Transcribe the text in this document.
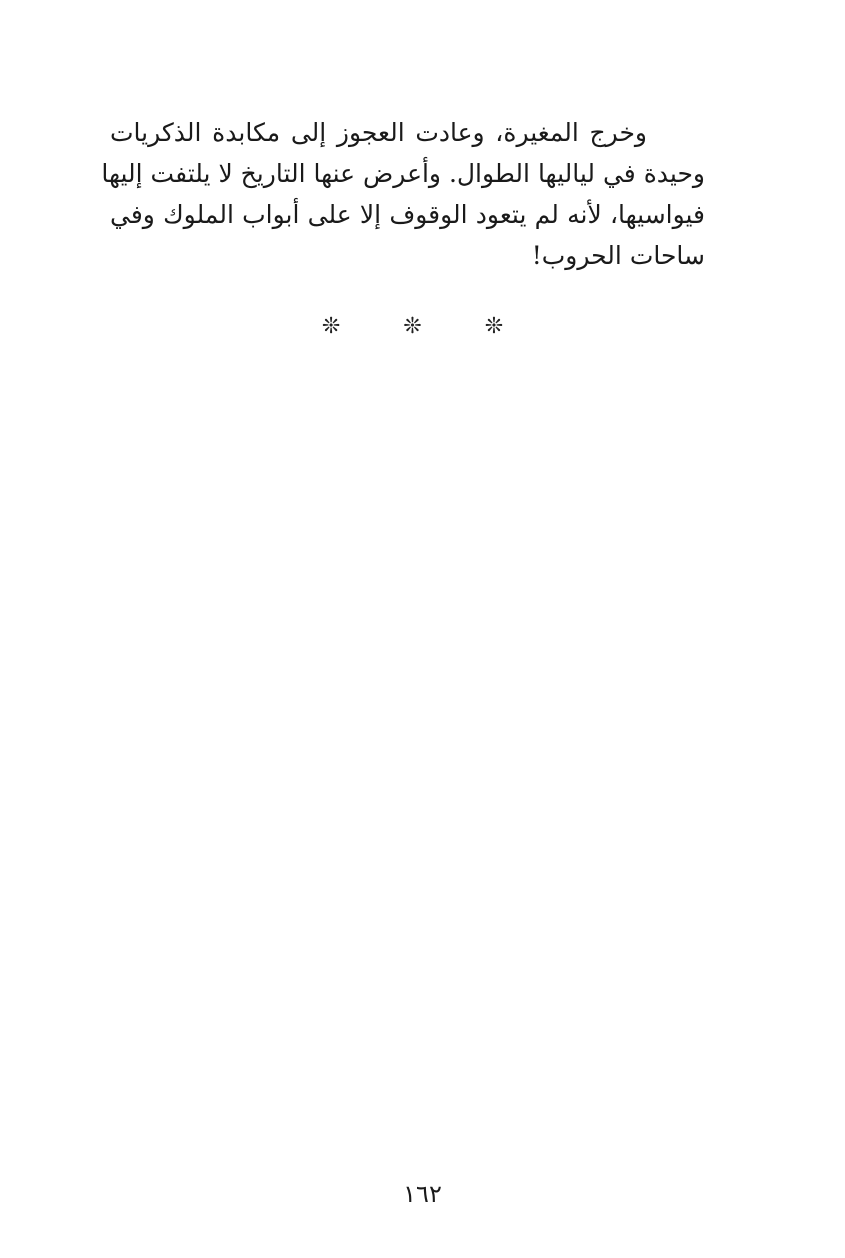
وخرج المغيرة، وعادت العجوز إلى مكابدة الذكريات
وحيدة في لياليها الطوال. وأعرض عنها التاريخ لا يلتفت إليها
فيواسيها، لأنه لم يتعود الوقوف إلا على أبواب الملوك وفي
ساحات الحروب!
❊ ❊ ❊
١٦٢
